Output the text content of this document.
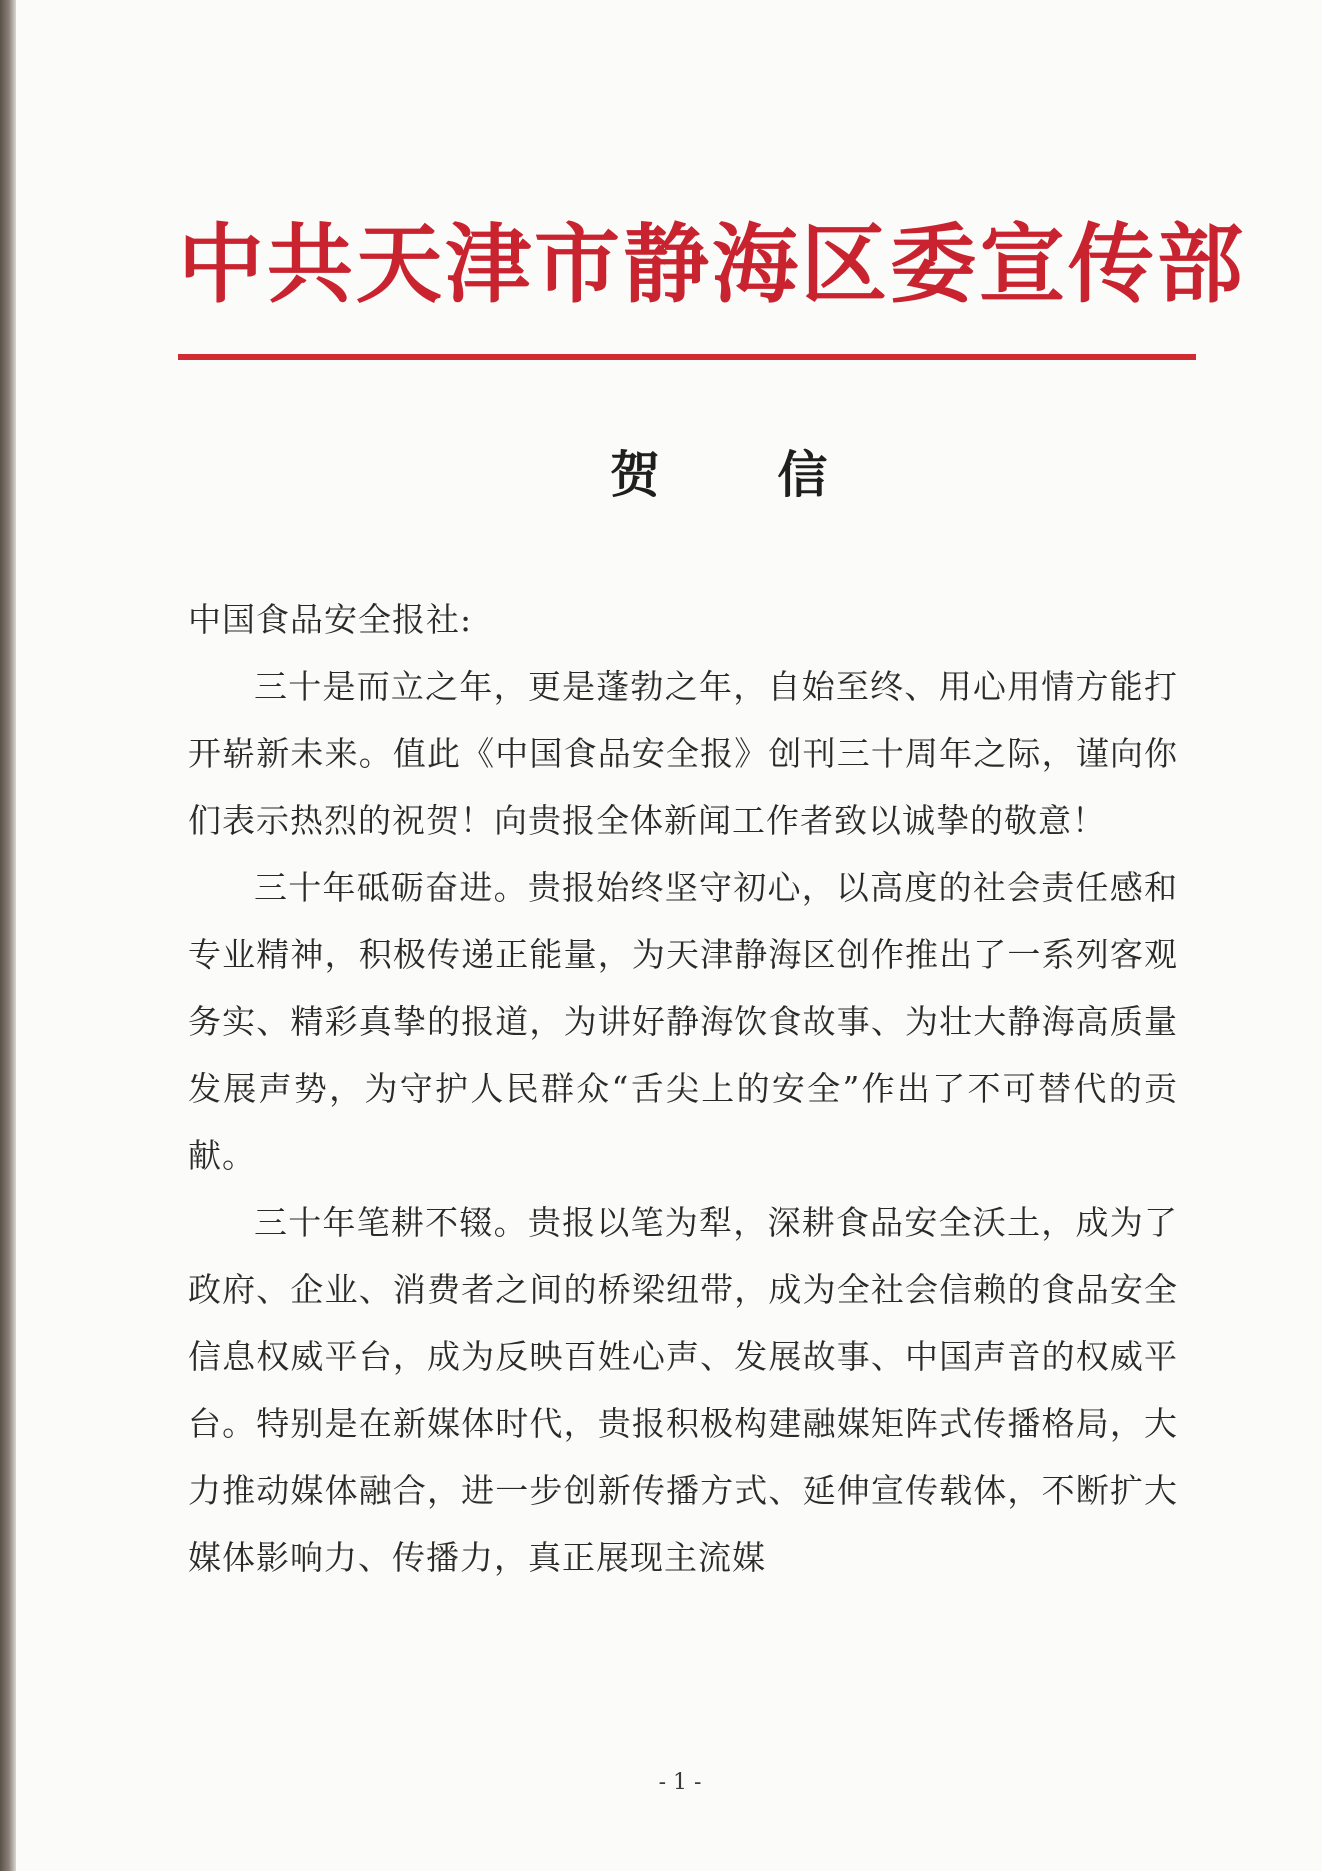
中共天津市静海区委宣传部
贺 信

中国食品安全报社:

三十是而立之年，更是蓬勃之年，自始至终、用心用情方能打开崭新未来。值此《中国食品安全报》创刊三十周年之际，谨向你们表示热烈的祝贺！向贵报全体新闻工作者致以诚挚的敬意！

三十年砥砺奋进。贵报始终坚守初心，以高度的社会责任感和专业精神，积极传递正能量，为天津静海区创作推出了一系列客观务实、精彩真挚的报道，为讲好静海饮食故事、为壮大静海高质量发展声势，为守护人民群众“舌尖上的安全”作出了不可替代的贡献。

三十年笔耕不辍。贵报以笔为犁，深耕食品安全沃土，成为了政府、企业、消费者之间的桥梁纽带，成为全社会信赖的食品安全信息权威平台，成为反映百姓心声、发展故事、中国声音的权威平台。特别是在新媒体时代，贵报积极构建融媒矩阵式传播格局，大力推动媒体融合，进一步创新传播方式、延伸宣传载体，不断扩大媒体影响力、传播力，真正展现主流媒

- 1 -
